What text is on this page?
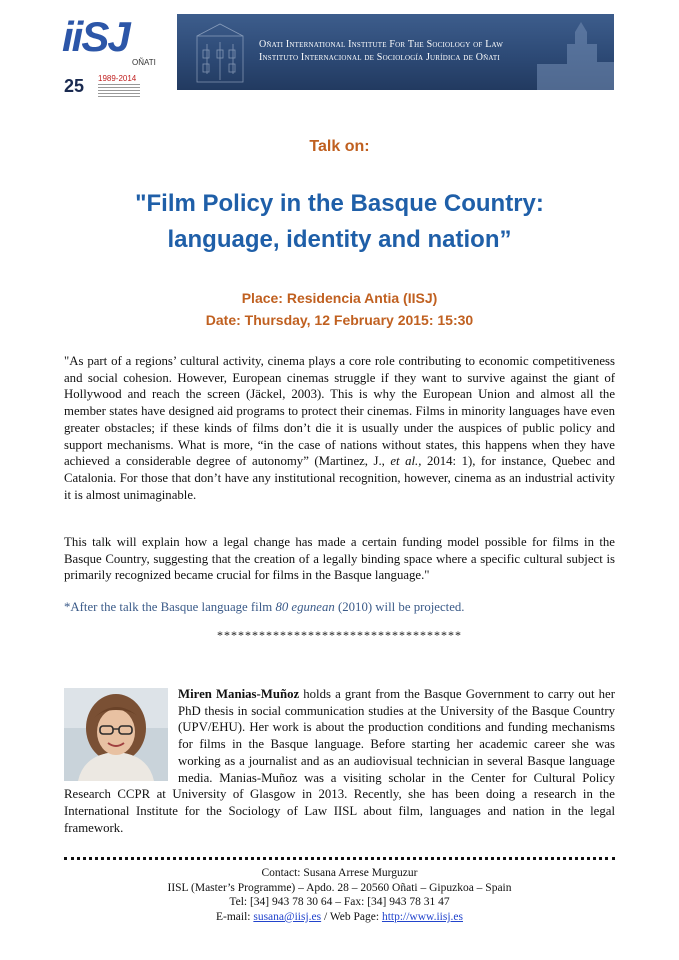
iiSJ
OÑATI
25 1989-2014
Oñati International Institute For The Sociology of Law
Instituto Internacional de Sociología Jurídica de Oñati
Talk on:
"Film Policy in the Basque Country:
language, identity and nation”
Place: Residencia Antia (IISJ)
Date: Thursday, 12 February 2015: 15:30

"As part of a regions’ cultural activity, cinema plays a core role contributing to economic competitiveness and social cohesion. However, European cinemas struggle if they want to survive against the giant of Hollywood and reach the screen (Jäckel, 2003). This is why the European Union and almost all the member states have designed aid programs to protect their cinemas. Films in minority languages have even greater obstacles; if these kinds of films don’t die it is usually under the auspices of public policy and support mechanisms. What is more, “in the case of nations without states, this happens when they have achieved a considerable degree of autonomy” (Martinez, J., et al., 2014: 1), for instance, Quebec and Catalonia. For those that don’t have any institutional recognition, however, cinema as an industrial activity it is almost unimaginable.

This talk will explain how a legal change has made a certain funding model possible for films in the Basque Country, suggesting that the creation of a legally binding space where a specific cultural subject is primarily recognized became crucial for films in the Basque language."

*After the talk the Basque language film 80 egunean (2010) will be projected.
***********************************

Miren Manias-Muñoz holds a grant from the Basque Government to carry out her PhD thesis in social communication studies at the University of the Basque Country (UPV/EHU). Her work is about the production conditions and funding mechanisms for films in the Basque language. Before starting her academic career she was working as a journalist and as an audiovisual technician in several Basque language media. Manias-Muñoz was a visiting scholar in the Center for Cultural Policy Research CCPR at University of Glasgow in 2013. Recently, she has been doing a research in the International Institute for the Sociology of Law IISL about film, languages and nation in the legal framework.

Contact: Susana Arrese Murguzur
IISL (Master’s Programme) – Apdo. 28 – 20560 Oñati – Gipuzkoa – Spain
Tel: [34] 943 78 30 64 – Fax: [34] 943 78 31 47
E-mail: susana@iisj.es / Web Page: http://www.iisj.es
